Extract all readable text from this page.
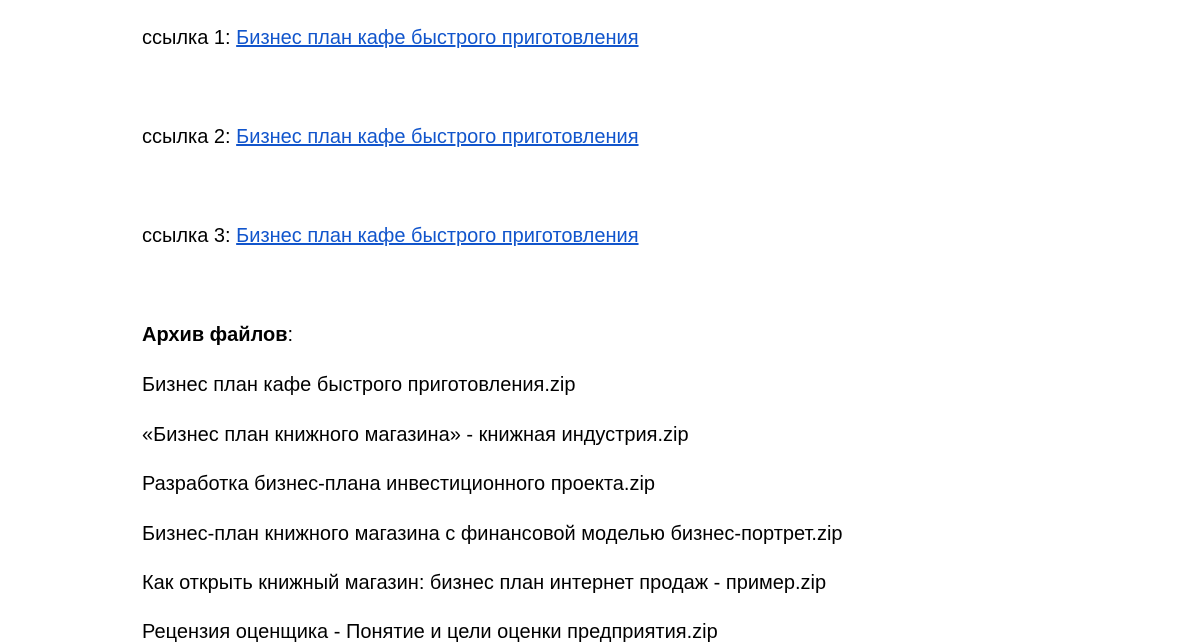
ссылка 1: Бизнес план кафе быстрого приготовления
ссылка 2: Бизнес план кафе быстрого приготовления
ссылка 3: Бизнес план кафе быстрого приготовления
Архив файлов:
Бизнес план кафе быстрого приготовления.zip
«Бизнес план книжного магазина» - книжная индустрия.zip
Разработка бизнес-плана инвестиционного проекта.zip
Бизнес-план книжного магазина с финансовой моделью бизнес-портрет.zip
Как открыть книжный магазин: бизнес план интернет продаж - пример.zip
Рецензия оценщика - Понятие и цели оценки предприятия.zip
